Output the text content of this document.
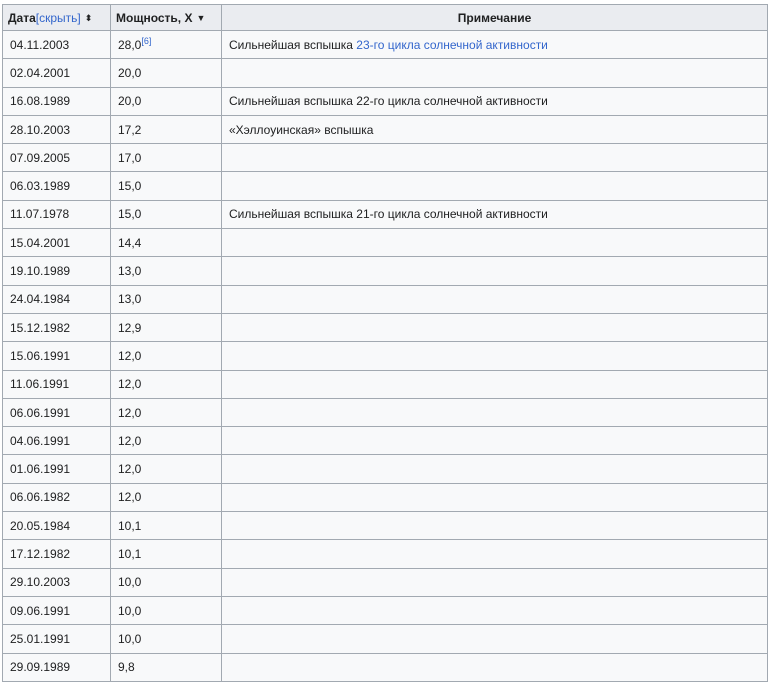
Дата[скрыть] ⬍	Мощность, X ▼	Примечание
04.11.2003	28,0[6]	Сильнейшая вспышка 23-го цикла солнечной активности
02.04.2001	20,0	
16.08.1989	20,0	Сильнейшая вспышка 22-го цикла солнечной активности
28.10.2003	17,2	«Хэллоуинская» вспышка
07.09.2005	17,0	
06.03.1989	15,0	
11.07.1978	15,0	Сильнейшая вспышка 21-го цикла солнечной активности
15.04.2001	14,4	
19.10.1989	13,0	
24.04.1984	13,0	
15.12.1982	12,9	
15.06.1991	12,0	
11.06.1991	12,0	
06.06.1991	12,0	
04.06.1991	12,0	
01.06.1991	12,0	
06.06.1982	12,0	
20.05.1984	10,1	
17.12.1982	10,1	
29.10.2003	10,0	
09.06.1991	10,0	
25.01.1991	10,0	
29.09.1989	9,8	
